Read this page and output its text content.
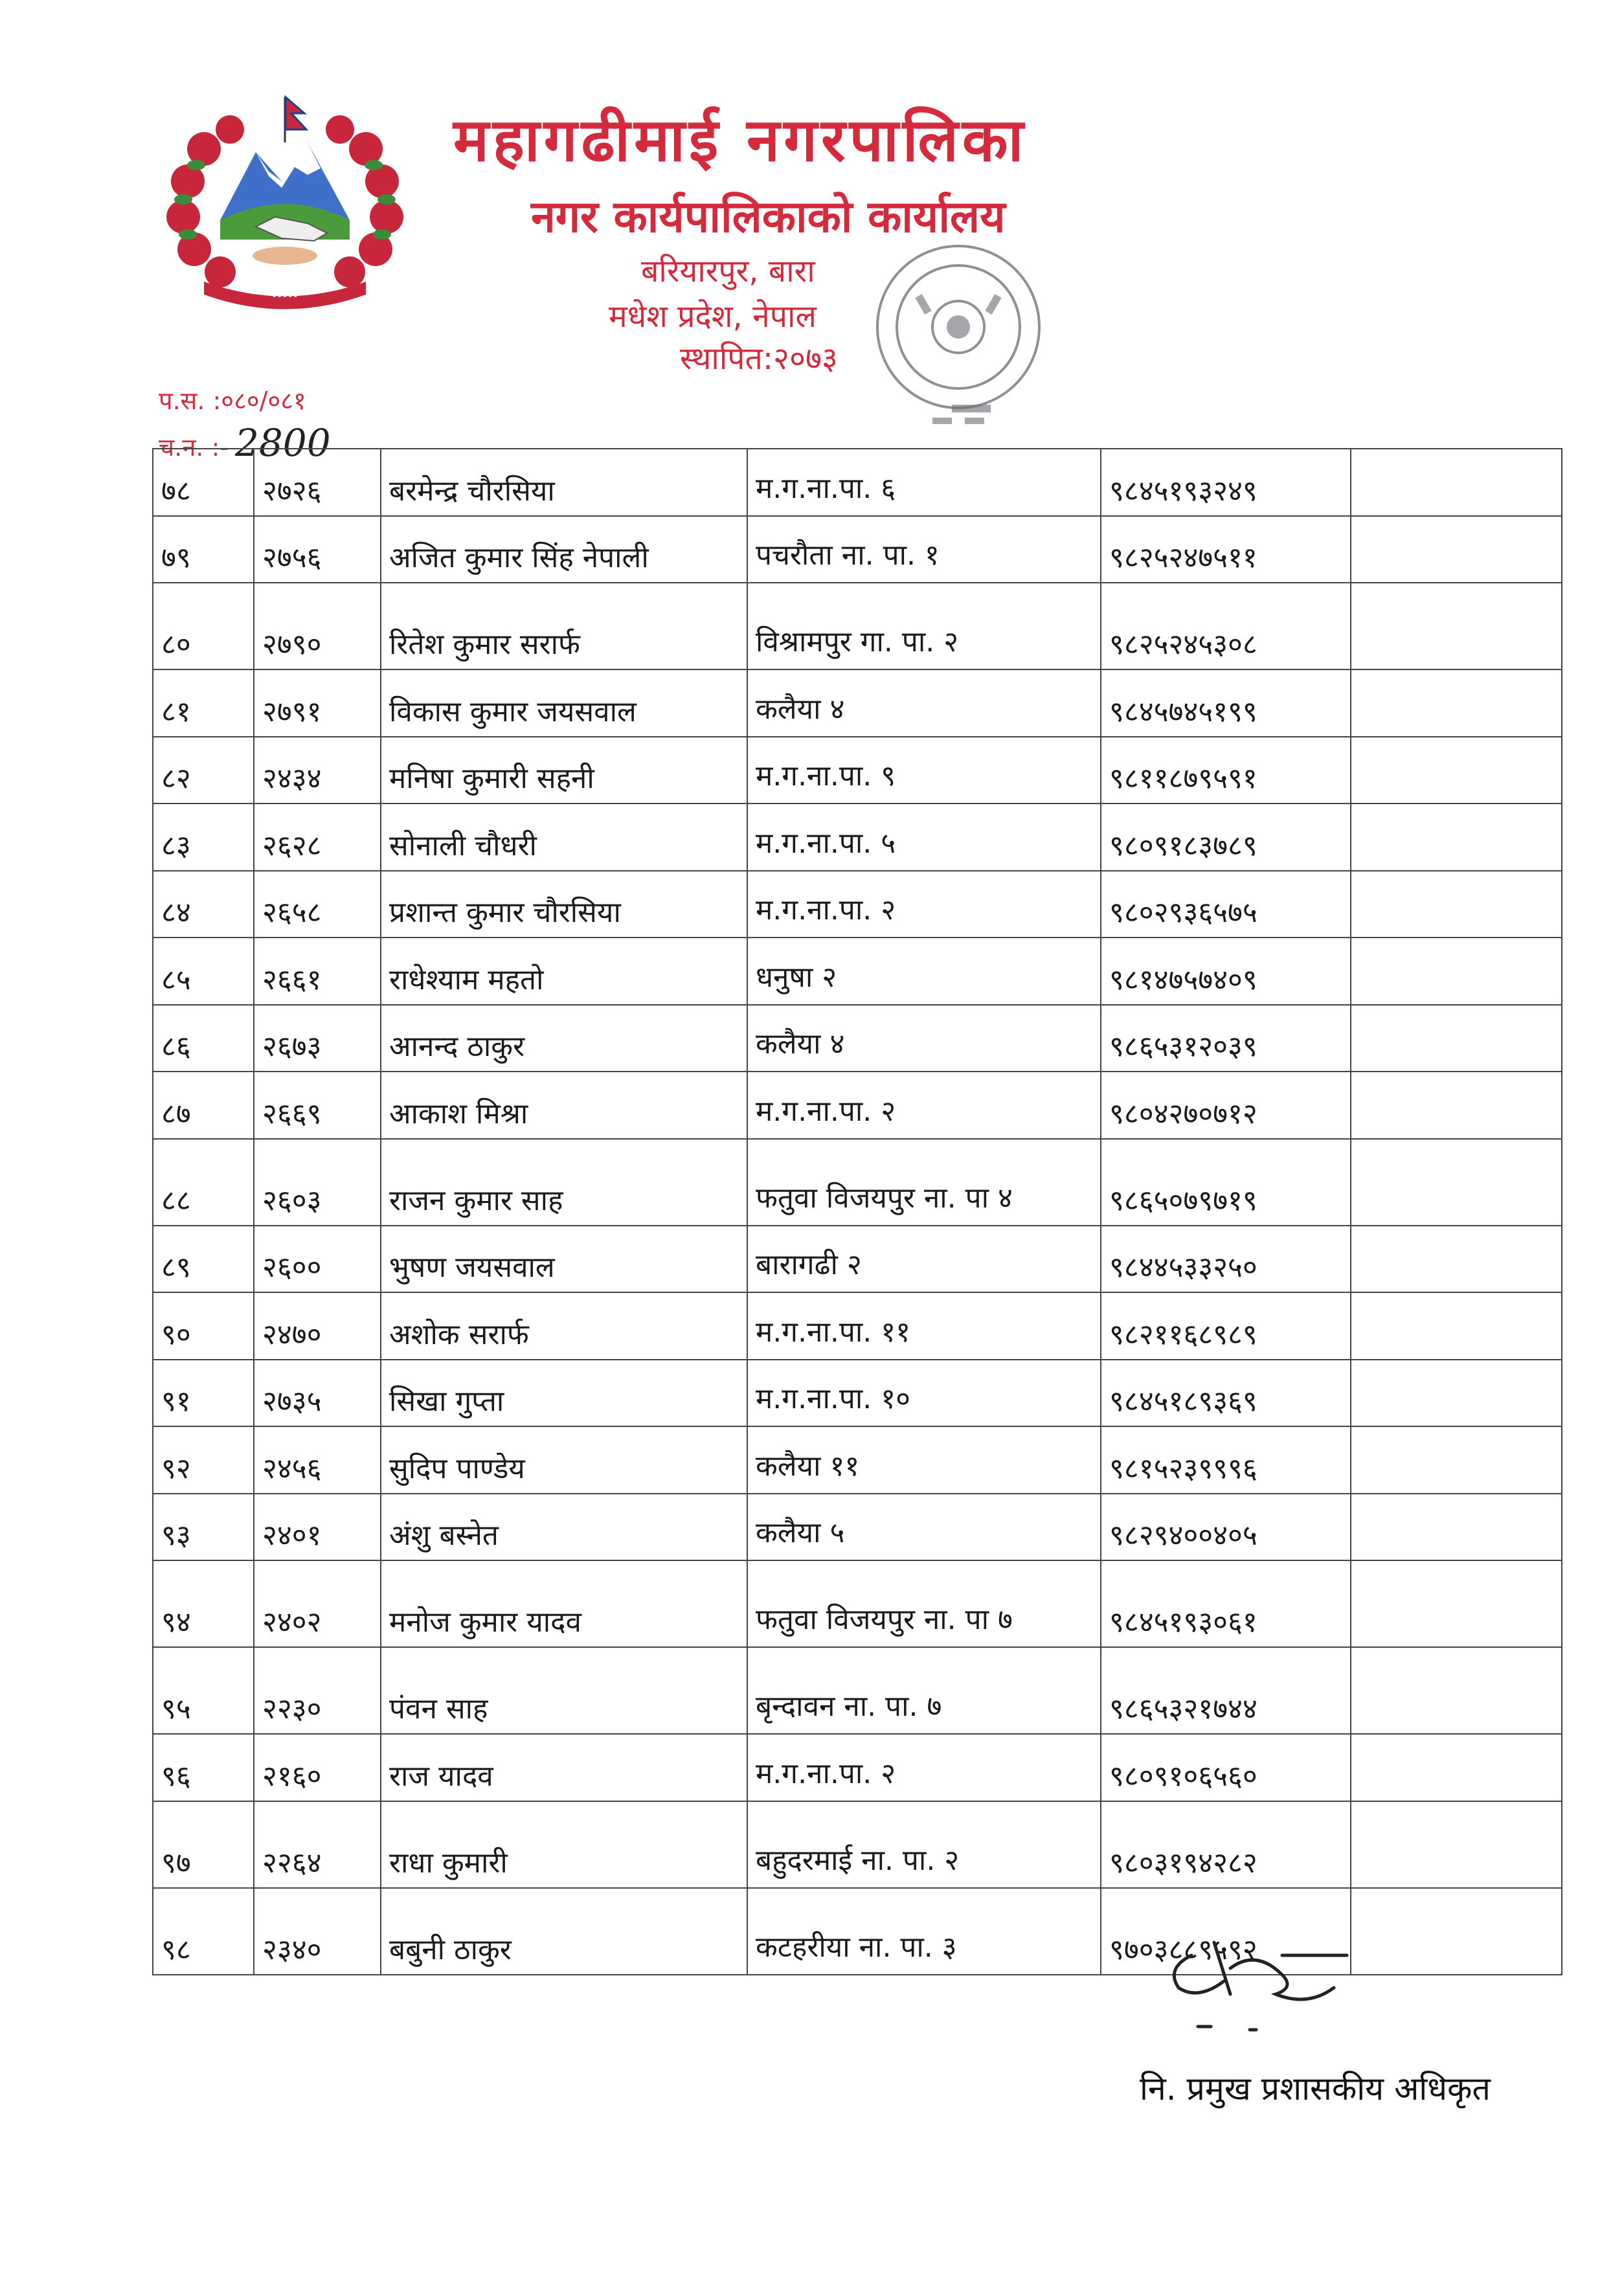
•••••
महागढीमाई नगरपालिका
नगर कार्यपालिकाको कार्यालय
बरियारपुर, बारा
मधेश प्रदेश, नेपाल
स्थापित:२०७३
प.स. :०८०/०८१
च.न. :- 2800
७८	२७२६	बरमेन्द्र चौरसिया	म.ग.ना.पा. ६	९८४५१९३२४९	
७९	२७५६	अजित कुमार सिंह नेपाली	पचरौता ना. पा. १	९८२५२४७५११	
८०	२७९०	रितेश कुमार सरार्फ	विश्रामपुर गा. पा. २	९८२५२४५३०८	
८१	२७९१	विकास कुमार जयसवाल	कलैया ४	९८४५७४५१९९	
८२	२४३४	मनिषा कुमारी सहनी	म.ग.ना.पा. ९	९८११८७९५९१	
८३	२६२८	सोनाली चौधरी	म.ग.ना.पा. ५	९८०९१८३७८९	
८४	२६५८	प्रशान्त कुमार चौरसिया	म.ग.ना.पा. २	९८०२९३६५७५	
८५	२६६१	राधेश्याम महतो	धनुषा २	९८१४७५७४०९	
८६	२६७३	आनन्द ठाकुर	कलैया ४	९८६५३१२०३९	
८७	२६६९	आकाश मिश्रा	म.ग.ना.पा. २	९८०४२७०७१२	
८८	२६०३	राजन कुमार साह	फतुवा विजयपुर ना. पा ४	९८६५०७९७१९	
८९	२६००	भुषण जयसवाल	बारागढी २	९८४४५३३२५०	
९०	२४७०	अशोक सरार्फ	म.ग.ना.पा. ११	९८२११६८९८९	
९१	२७३५	सिखा गुप्ता	म.ग.ना.पा. १०	९८४५१८९३६९	
९२	२४५६	सुदिप पाण्डेय	कलैया ११	९८१५२३९९९६	
९३	२४०१	अंशु बस्नेत	कलैया ५	९८२९४००४०५	
९४	२४०२	मनोज कुमार यादव	फतुवा विजयपुर ना. पा ७	९८४५१९३०६१	
९५	२२३०	पंवन साह	बृन्दावन ना. पा. ७	९८६५३२१७४४	
९६	२१६०	राज यादव	म.ग.ना.पा. २	९८०९१०६५६०	
९७	२२६४	राधा कुमारी	बहुदरमाई ना. पा. २	९८०३१९४२८२	
९८	२३४०	बबुनी ठाकुर	कटहरीया ना. पा. ३	९७०३८८९५९२	
नि. प्रमुख प्रशासकीय अधिकृत
